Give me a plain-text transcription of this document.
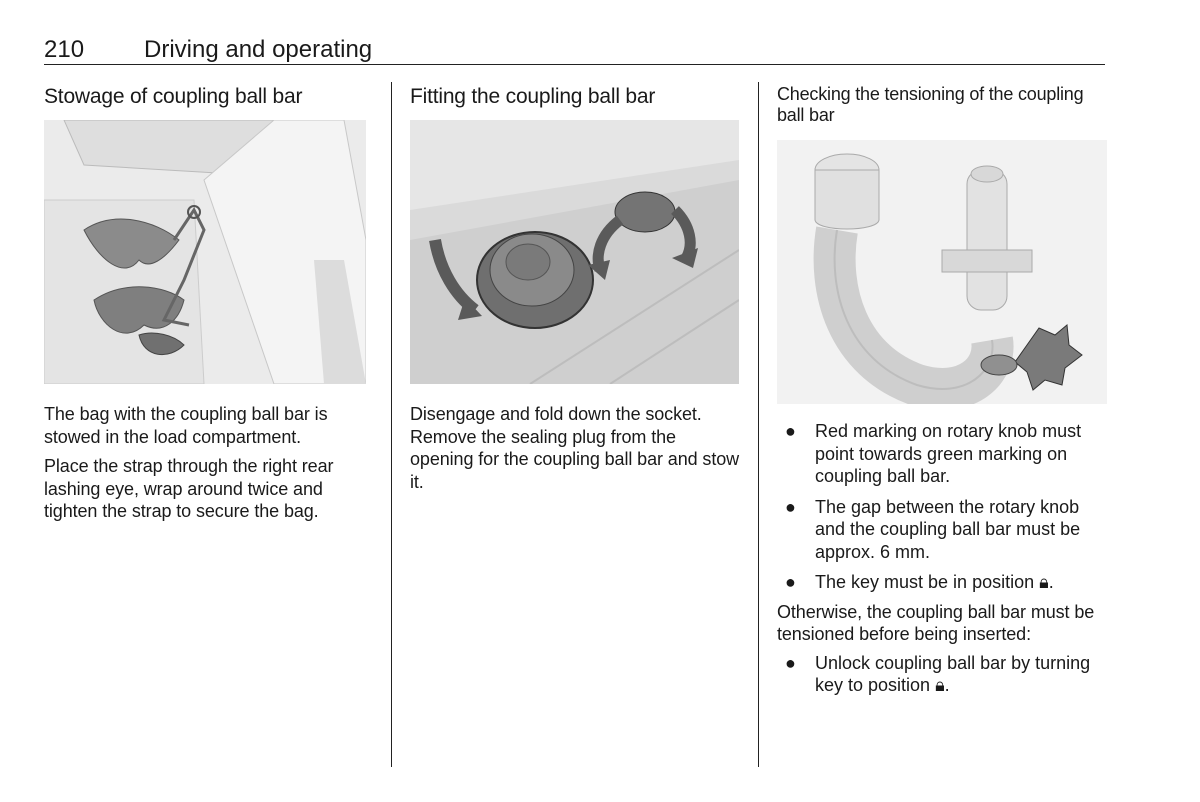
210 Driving and operating
Stowage of coupling ball bar

The bag with the coupling ball bar is stowed in the load compartment.

Place the strap through the right rear lashing eye, wrap around twice and tighten the strap to secure the bag.

Fitting the coupling ball bar

Disengage and fold down the socket. Remove the sealing plug from the opening for the coupling ball bar and stow it.

Checking the tensioning of the coupling ball bar
● Red marking on rotary knob must point towards green marking on coupling ball bar.
● The gap between the rotary knob and the coupling ball bar must be approx. 6 mm.
● The key must be in position 🔒︎.

Otherwise, the coupling ball bar must be tensioned before being inserted:

● Unlock coupling ball bar by turning key to position 🔒︎.
